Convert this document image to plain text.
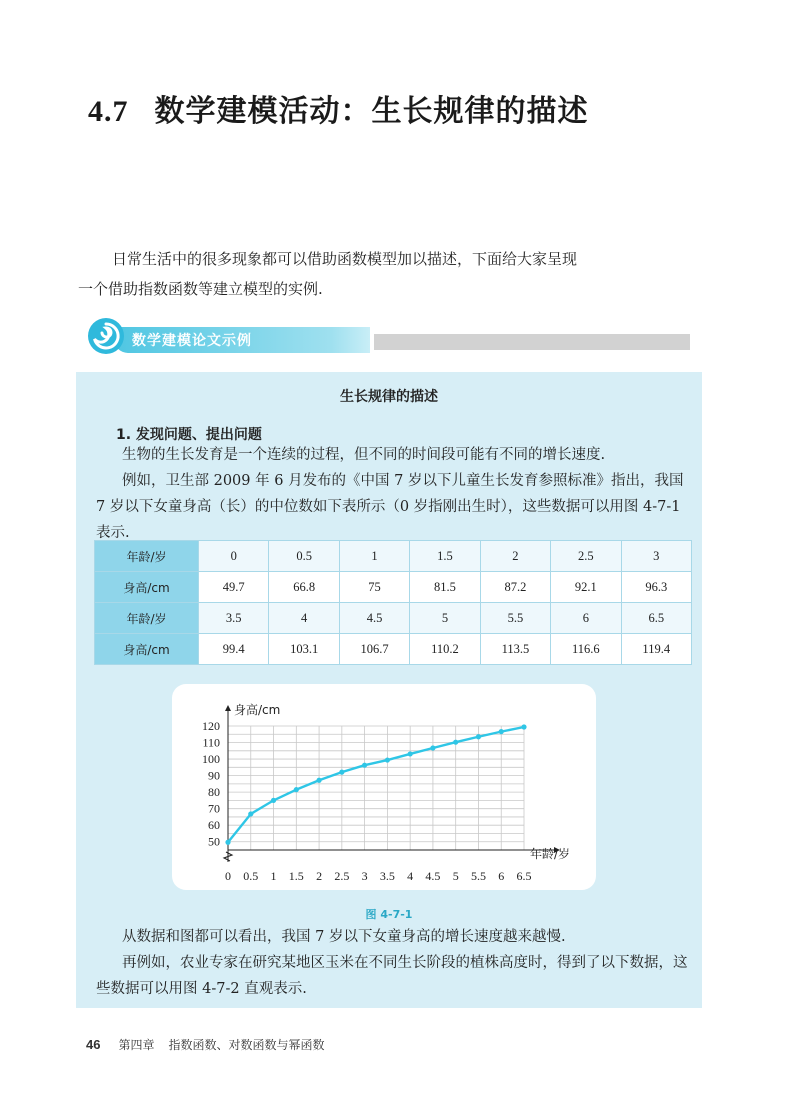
4.7 数学建模活动：生长规律的描述
日常生活中的很多现象都可以借助函数模型加以描述，下面给大家呈现
一个借助指数函数等建立模型的实例.
数学建模论文示例
生长规律的描述
1. 发现问题、提出问题
生物的生长发育是一个连续的过程，但不同的时间段可能有不同的增长速度.
例如，卫生部 2009 年 6 月发布的《中国 7 岁以下儿童生长发育参照标准》指出，我国 7 岁以下女童身高（长）的中位数如下表所示（0 岁指刚出生时），这些数据可以用图 4-7-1 表示.
年龄/岁	0	0.5	1	1.5	2	2.5	3
身高/cm	49.7	66.8	75	81.5	87.2	92.1	96.3
年龄/岁	3.5	4	4.5	5	5.5	6	6.5
身高/cm	99.4	103.1	106.7	110.2	113.5	116.6	119.4
50
60
70
80
90
100
110
120
0 0.5 1 1.5 2 2.5 3 3.5 4 4.5 5 5.5 6 6.5
身高/cm
年龄/岁
图 4-7-1
从数据和图都可以看出，我国 7 岁以下女童身高的增长速度越来越慢.
再例如，农业专家在研究某地区玉米在不同生长阶段的植株高度时，得到了以下数据，这些数据可以用图 4-7-2 直观表示.
46 第四章 指数函数、对数函数与幂函数
